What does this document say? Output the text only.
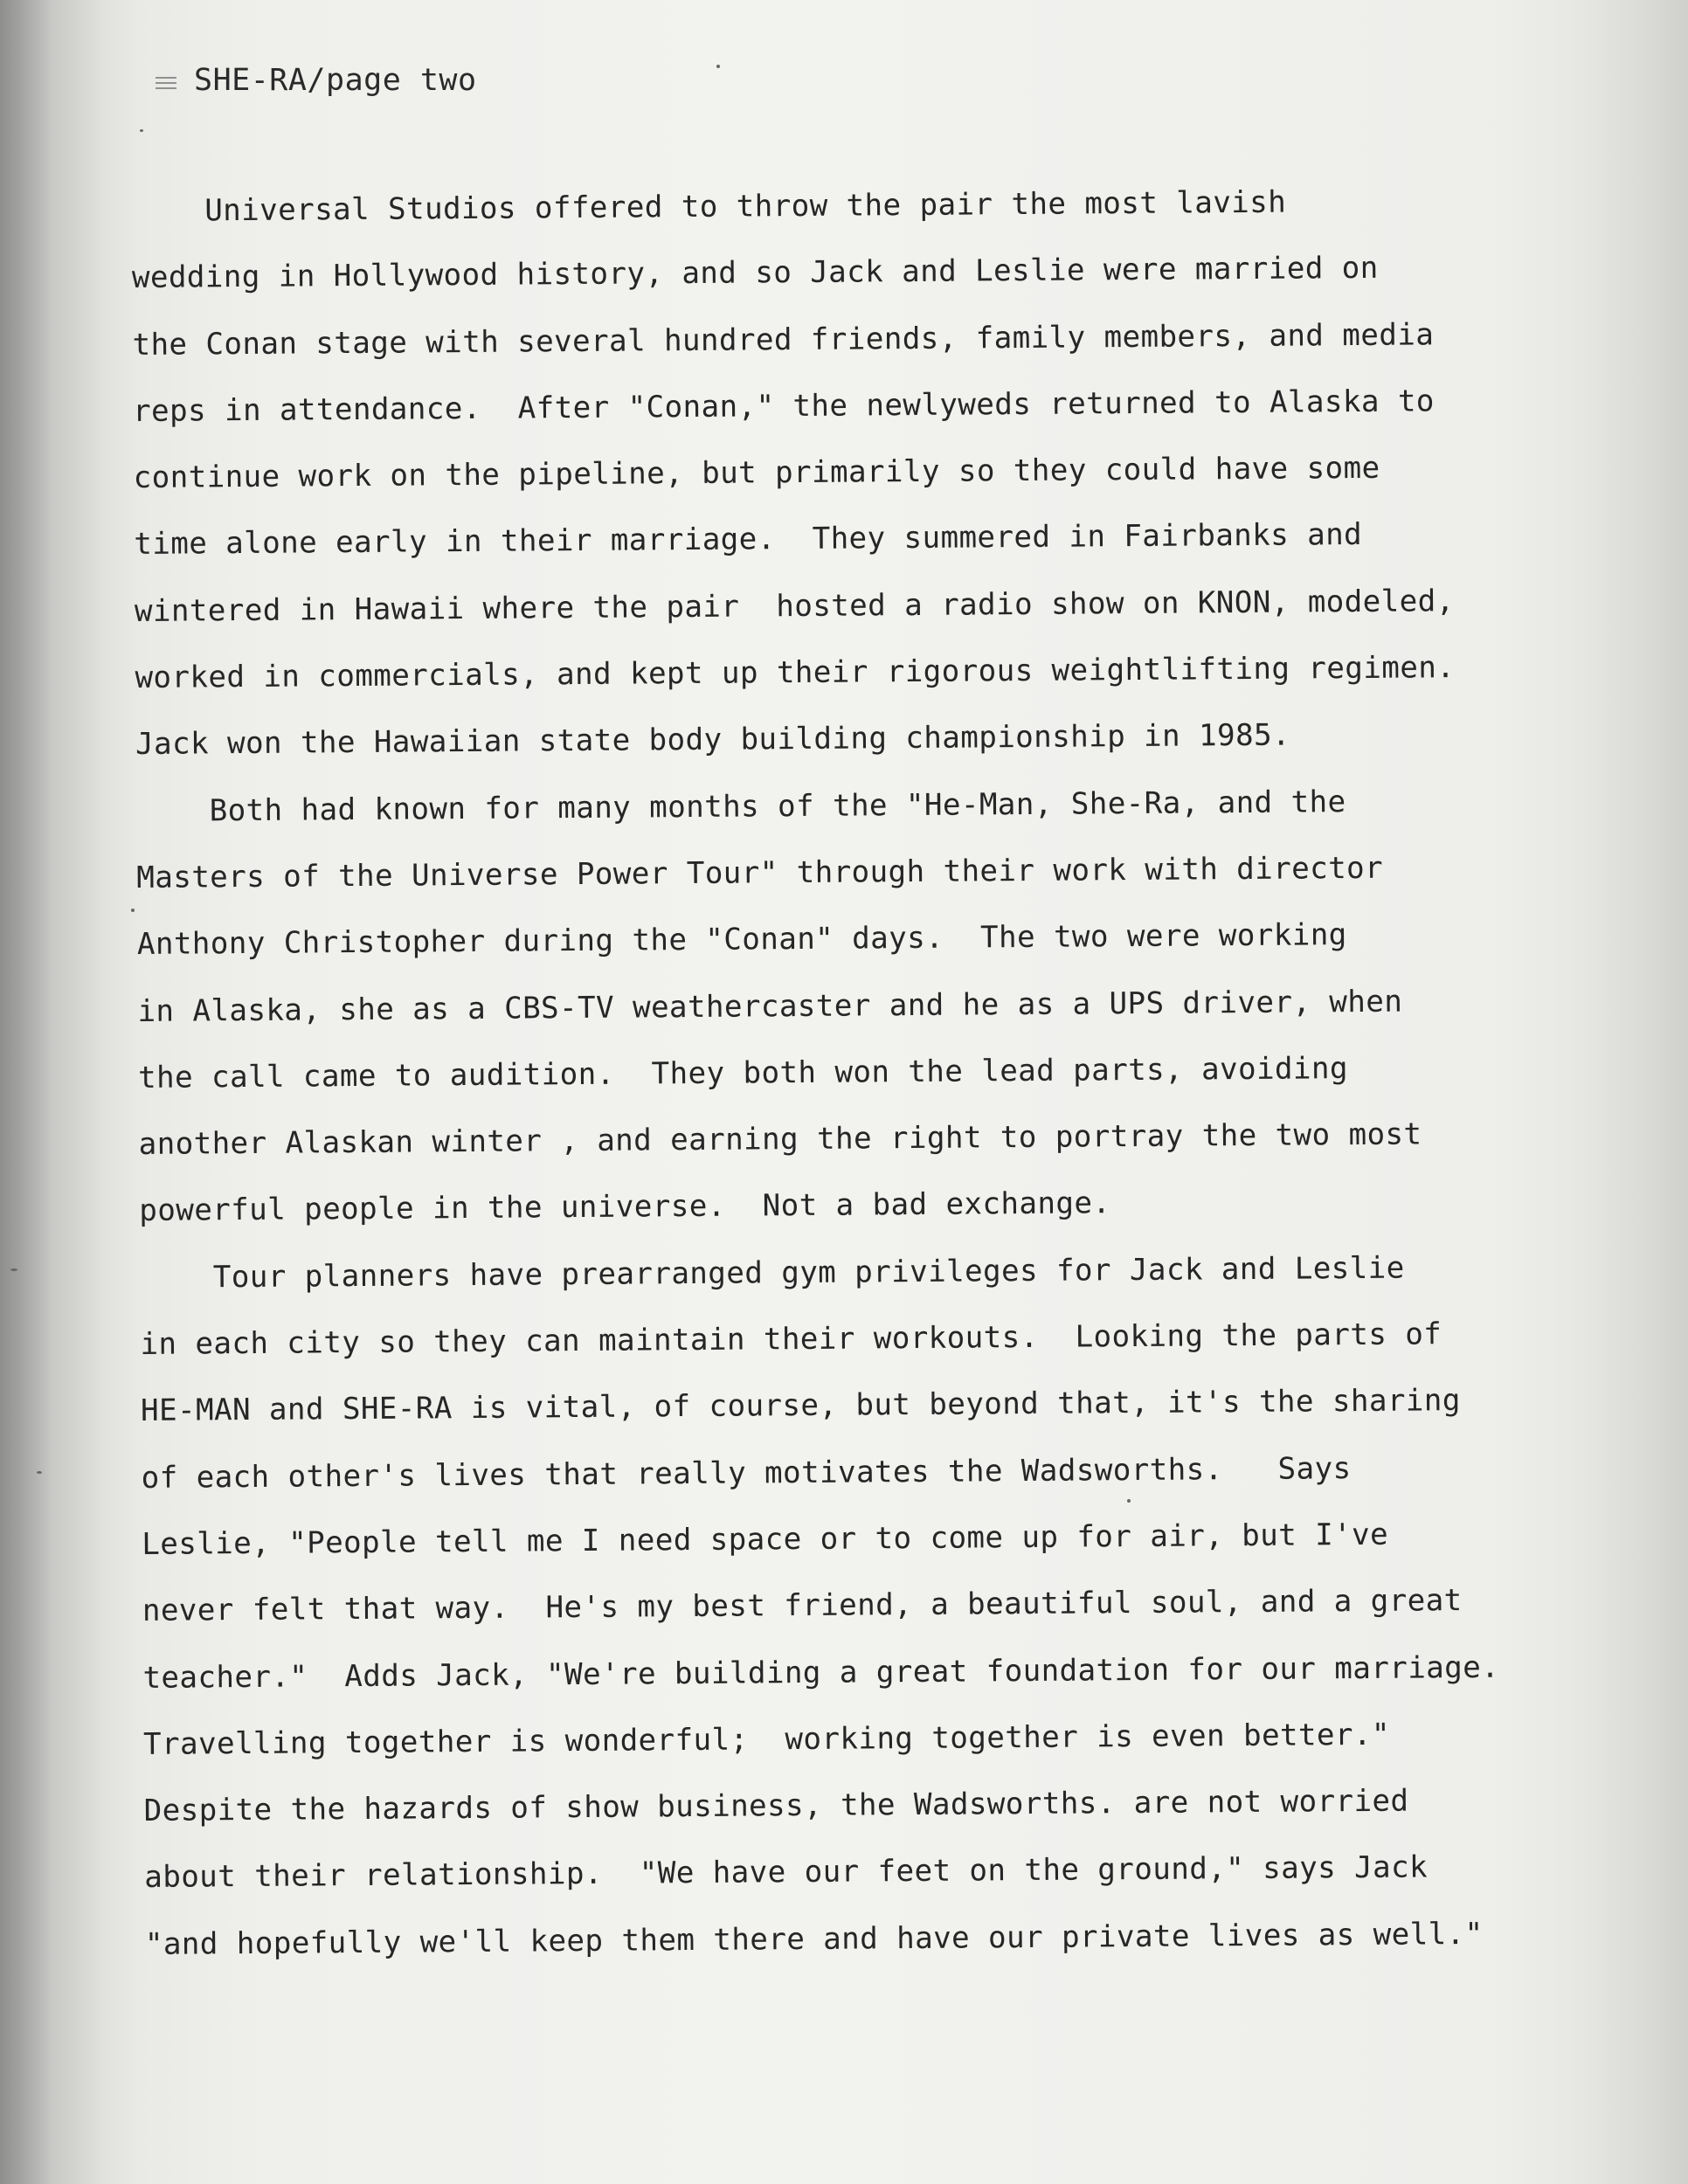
SHE-RA/page two
Universal Studios offered to throw the pair the most lavish
wedding in Hollywood history, and so Jack and Leslie were married on
the Conan stage with several hundred friends, family members, and media
reps in attendance.  After "Conan," the newlyweds returned to Alaska to
continue work on the pipeline, but primarily so they could have some
time alone early in their marriage.  They summered in Fairbanks and
wintered in Hawaii where the pair  hosted a radio show on KNON, modeled,
worked in commercials, and kept up their rigorous weightlifting regimen.
Jack won the Hawaiian state body building championship in 1985.
Both had known for many months of the "He-Man, She-Ra, and the
Masters of the Universe Power Tour" through their work with director
Anthony Christopher during the "Conan" days.  The two were working
in Alaska, she as a CBS-TV weathercaster and he as a UPS driver, when
the call came to audition.  They both won the lead parts, avoiding
another Alaskan winter , and earning the right to portray the two most
powerful people in the universe.  Not a bad exchange.
Tour planners have prearranged gym privileges for Jack and Leslie
in each city so they can maintain their workouts.  Looking the parts of
HE-MAN and SHE-RA is vital, of course, but beyond that, it's the sharing
of each other's lives that really motivates the Wadsworths.   Says
Leslie, "People tell me I need space or to come up for air, but I've
never felt that way.  He's my best friend, a beautiful soul, and a great
teacher."  Adds Jack, "We're building a great foundation for our marriage.
Travelling together is wonderful;  working together is even better."
Despite the hazards of show business, the Wadsworths. are not worried
about their relationship.  "We have our feet on the ground," says Jack
"and hopefully we'll keep them there and have our private lives as well."
